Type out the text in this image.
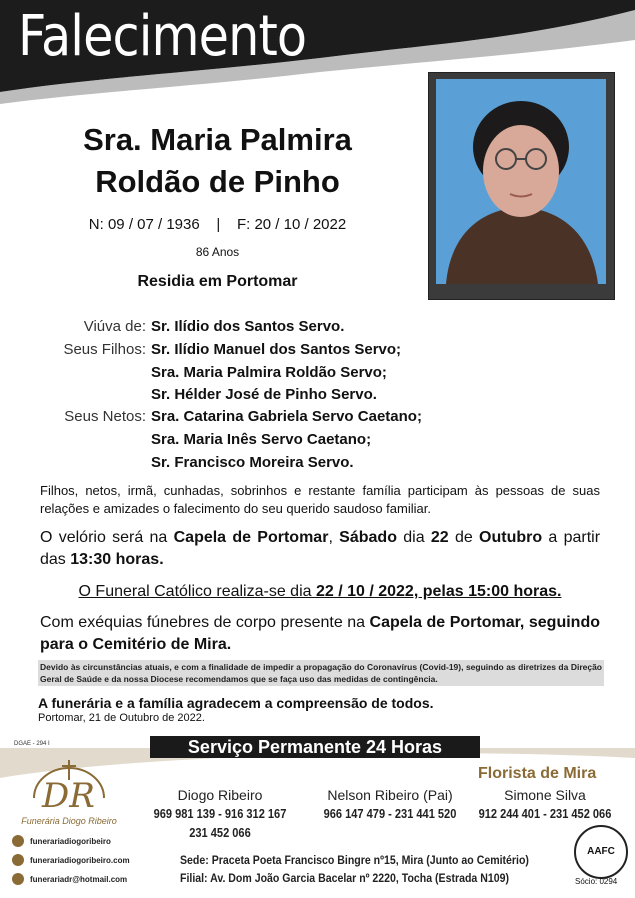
Falecimento
Sra. Maria Palmira
Roldão de Pinho
N: 09 / 07 / 1936    |    F: 20 / 10 / 2022
86 Anos
Residia em Portomar
Viúva de: Sr. Ilídio dos Santos Servo.
Seus Filhos: Sr. Ilídio Manuel dos Santos Servo;
Sra. Maria Palmira Roldão Servo;
Sr. Hélder José de Pinho Servo.
Seus Netos: Sra. Catarina Gabriela Servo Caetano;
Sra. Maria Inês Servo Caetano;
Sr. Francisco Moreira Servo.
Filhos, netos, irmã, cunhadas, sobrinhos e restante família participam às pessoas de suas relações e amizades o falecimento do seu querido saudoso familiar.
O velório será na Capela de Portomar, Sábado dia 22 de Outubro a partir das 13:30 horas.
O Funeral Católico realiza-se dia 22 / 10 / 2022, pelas 15:00 horas.
Com exéquias fúnebres de corpo presente na Capela de Portomar, seguindo para o Cemitério de Mira.
Devido às circunstâncias atuais, e com a finalidade de impedir a propagação do Coronavírus (Covid-19), seguindo as diretrizes da Direção Geral de Saúde e da nossa Diocese recomendamos que se faça uso das medidas de contingência.
A funerária e a família agradecem a compreensão de todos.
Portomar, 21 de Outubro de 2022.
DGAE - 294 I	Serviço Permanente 24 Horas
DR
Funerária Diogo Ribeiro
funerariadiogoribeiro
funerariadiogoribeiro.com
funerariadr@hotmail.com
Florista de Mira
Diogo Ribeiro
969 981 139 - 916 312 167
231 452 066
Nelson Ribeiro (Pai)
966 147 479 - 231 441 520
Simone Silva
912 244 401 - 231 452 066
Sede: Praceta Poeta Francisco Bingre nº15, Mira (Junto ao Cemitério)
Filial: Av. Dom João Garcia Bacelar nº 2220, Tocha (Estrada N109)
AAFC
Sócio: 0294
